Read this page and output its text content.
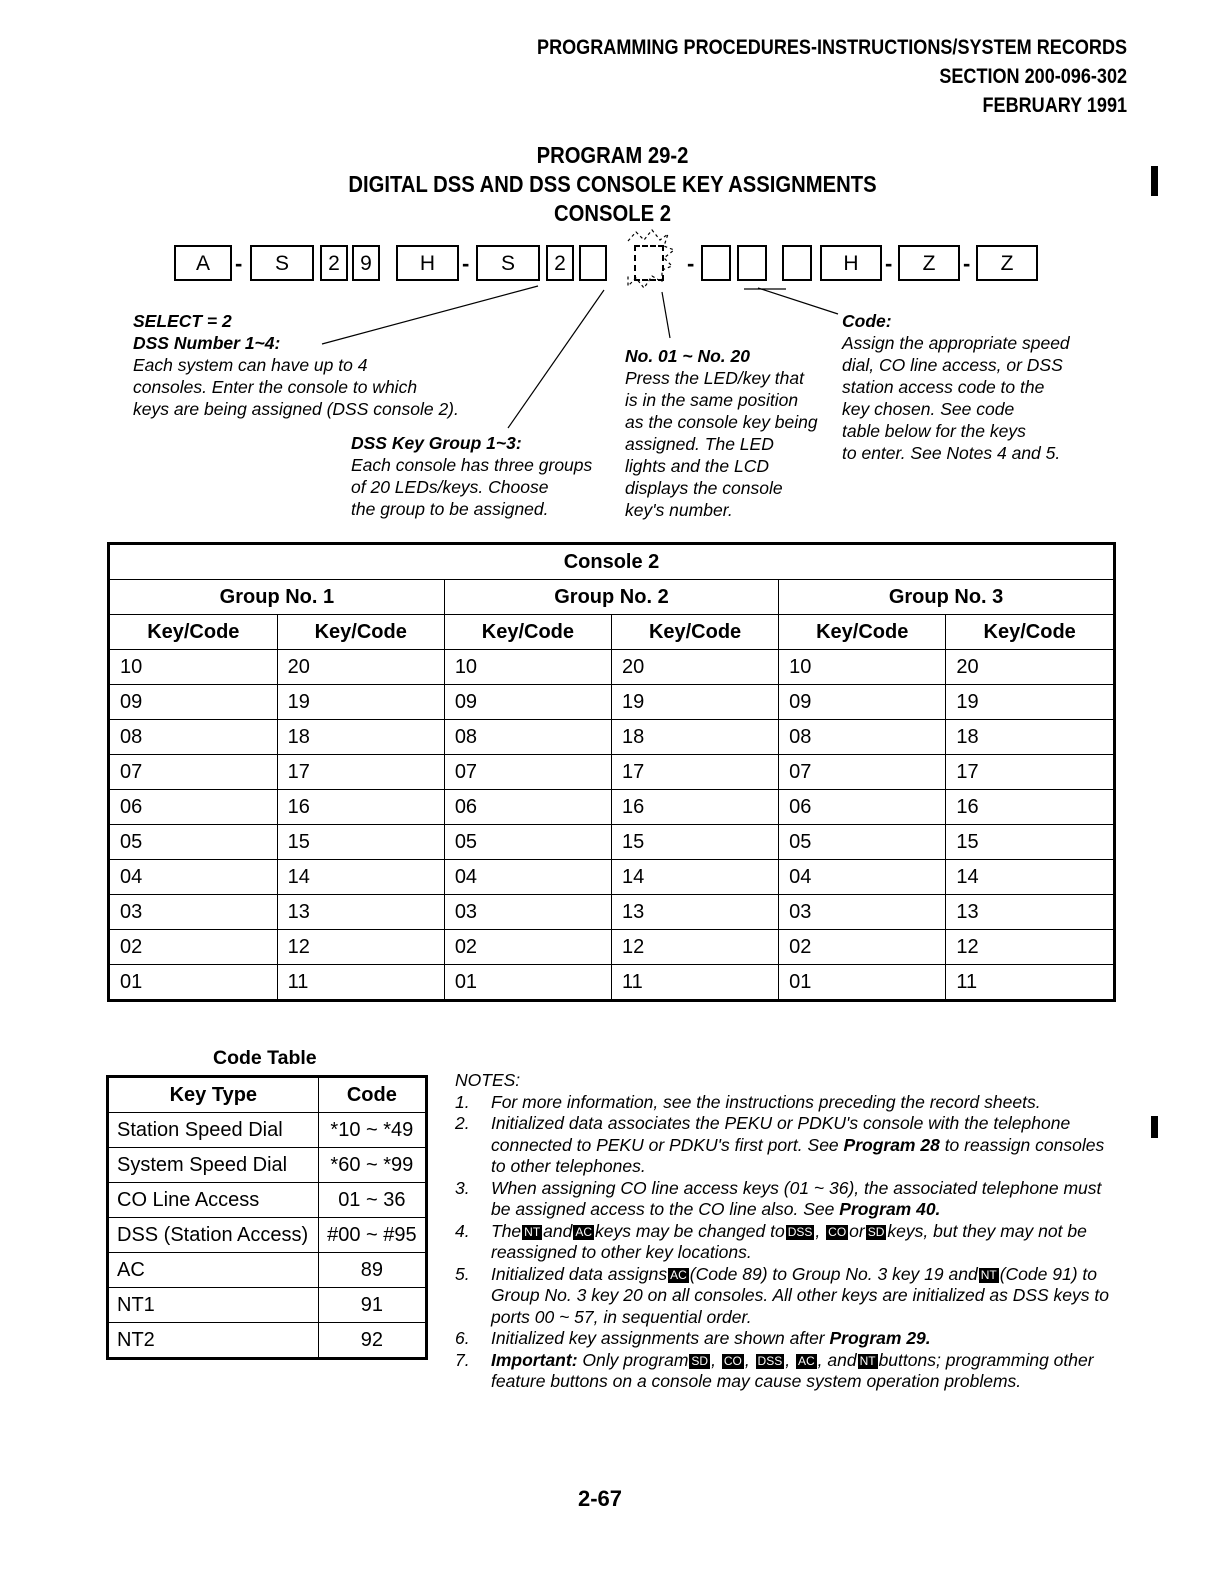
PROGRAMMING PROCEDURES-INSTRUCTIONS/SYSTEM RECORDS
SECTION 200-096-302
FEBRUARY 1991
PROGRAM 29-2
DIGITAL DSS AND DSS CONSOLE KEY ASSIGNMENTS
CONSOLE 2
A	-	S	2 9	H	-	S	2	-	H	-	Z	-	Z
SELECT = 2
DSS Number 1~4:
Each system can have up to 4
consoles. Enter the console to which
keys are being assigned (DSS console 2).
DSS Key Group 1~3:
Each console has three groups
of 20 LEDs/keys. Choose
the group to be assigned.
No. 01 ~ No. 20
Press the LED/key that
is in the same position
as the console key being
assigned. The LED
lights and the LCD
displays the console
key's number.
Code:
Assign the appropriate speed
dial, CO line access, or DSS
station access code to the
key chosen. See code
table below for the keys
to enter. See Notes 4 and 5.
Console 2					
Group No. 1		Group No. 2		Group No. 3	
Key/Code	Key/Code	Key/Code	Key/Code	Key/Code	Key/Code
10	20	10	20	10	20
09	19	09	19	09	19
08	18	08	18	08	18
07	17	07	17	07	17
06	16	06	16	06	16
05	15	05	15	05	15
04	14	04	14	04	14
03	13	03	13	03	13
02	12	02	12	02	12
01	11	01	11	01	11
Code Table
Key Type	Code
Station Speed Dial	*10 ~ *49
System Speed Dial	*60 ~ *99
CO Line Access	01 ~ 36
DSS (Station Access)	#00 ~ #95
AC	89
NT1	91
NT2	92
NOTES:
1.	For more information, see the instructions preceding the record sheets.
2.	Initialized data associates the PEKU or PDKU's console with the telephone connected to PEKU or PDKU's first port. See Program 28 to reassign consoles to other telephones.
3.	When assigning CO line access keys (01 ~ 36), the associated telephone must be assigned access to the CO line also. See Program 40.
4.	The NT and AC keys may be changed to DSS , CO or SD keys, but they may not be reassigned to other key locations.
5.	Initialized data assigns AC (Code 89) to Group No. 3 key 19 and NT (Code 91) to Group No. 3 key 20 on all consoles. All other keys are initialized as DSS keys to ports 00 ~ 57, in sequential order.
6.	Initialized key assignments are shown after Program 29.
7.	Important: Only program SD , CO , DSS , AC , and NT buttons; programming other feature buttons on a console may cause system operation problems.
2-67
